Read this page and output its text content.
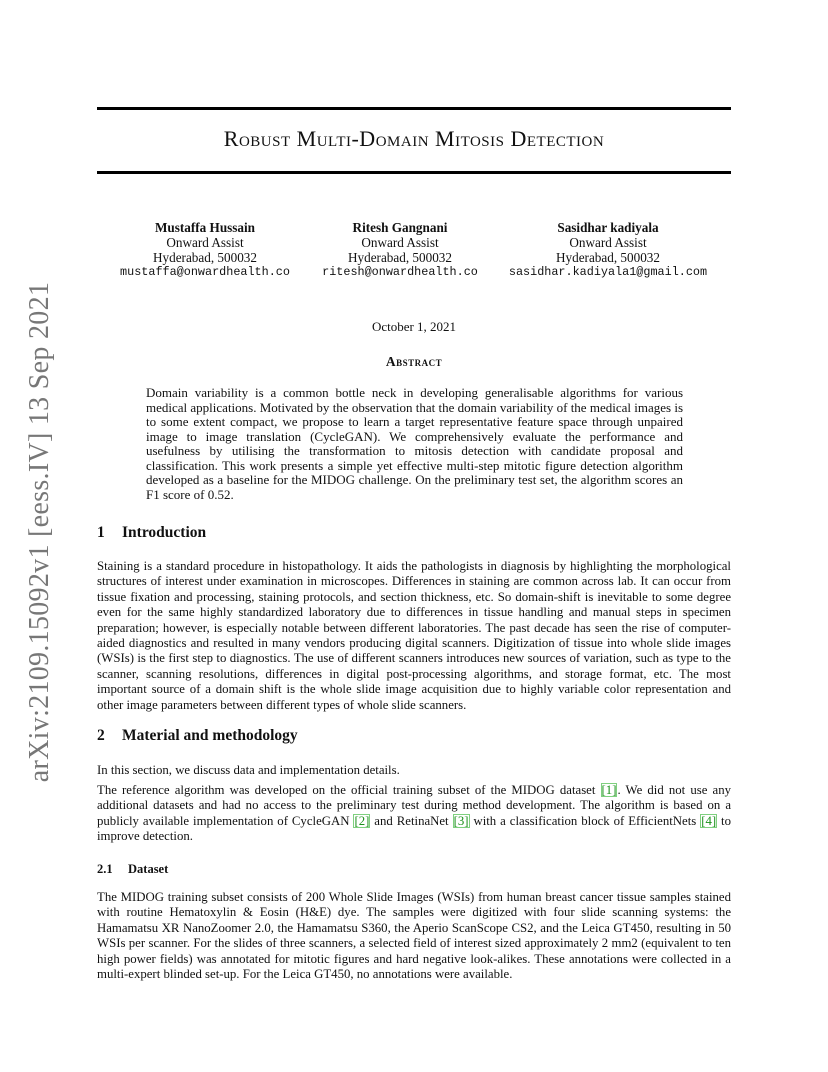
arXiv:2109.15092v1 [eess.IV] 13 Sep 2021
Robust Multi-Domain Mitosis Detection
Mustaffa Hussain
Onward Assist
Hyderabad, 500032
mustaffa@onwardhealth.co
Ritesh Gangnani
Onward Assist
Hyderabad, 500032
ritesh@onwardhealth.co
Sasidhar kadiyala
Onward Assist
Hyderabad, 500032
sasidhar.kadiyala1@gmail.com
October 1, 2021
Abstract
Domain variability is a common bottle neck in developing generalisable algorithms for various medical applications. Motivated by the observation that the domain variability of the medical images is to some extent compact, we propose to learn a target representative feature space through unpaired image to image translation (CycleGAN). We comprehensively evaluate the performance and usefulness by utilising the transformation to mitosis detection with candidate proposal and classification. This work presents a simple yet effective multi-step mitotic figure detection algorithm developed as a baseline for the MIDOG challenge. On the preliminary test set, the algorithm scores an F1 score of 0.52.
1 Introduction
Staining is a standard procedure in histopathology. It aids the pathologists in diagnosis by highlighting the morphological structures of interest under examination in microscopes. Differences in staining are common across lab. It can occur from tissue fixation and processing, staining protocols, and section thickness, etc. So domain-shift is inevitable to some degree even for the same highly standardized laboratory due to differences in tissue handling and manual steps in specimen preparation; however, is especially notable between different laboratories. The past decade has seen the rise of computer-aided diagnostics and resulted in many vendors producing digital scanners. Digitization of tissue into whole slide images (WSIs) is the first step to diagnostics. The use of different scanners introduces new sources of variation, such as type to the scanner, scanning resolutions, differences in digital post-processing algorithms, and storage format, etc. The most important source of a domain shift is the whole slide image acquisition due to highly variable color representation and other image parameters between different types of whole slide scanners.
2 Material and methodology
In this section, we discuss data and implementation details.
The reference algorithm was developed on the official training subset of the MIDOG dataset [1]. We did not use any additional datasets and had no access to the preliminary test during method development. The algorithm is based on a publicly available implementation of CycleGAN [2] and RetinaNet [3] with a classification block of EfficientNets [4] to improve detection.
2.1 Dataset
The MIDOG training subset consists of 200 Whole Slide Images (WSIs) from human breast cancer tissue samples stained with routine Hematoxylin & Eosin (H&E) dye. The samples were digitized with four slide scanning systems: the Hamamatsu XR NanoZoomer 2.0, the Hamamatsu S360, the Aperio ScanScope CS2, and the Leica GT450, resulting in 50 WSIs per scanner. For the slides of three scanners, a selected field of interest sized approximately 2 mm2 (equivalent to ten high power fields) was annotated for mitotic figures and hard negative look-alikes. These annotations were collected in a multi-expert blinded set-up. For the Leica GT450, no annotations were available.
